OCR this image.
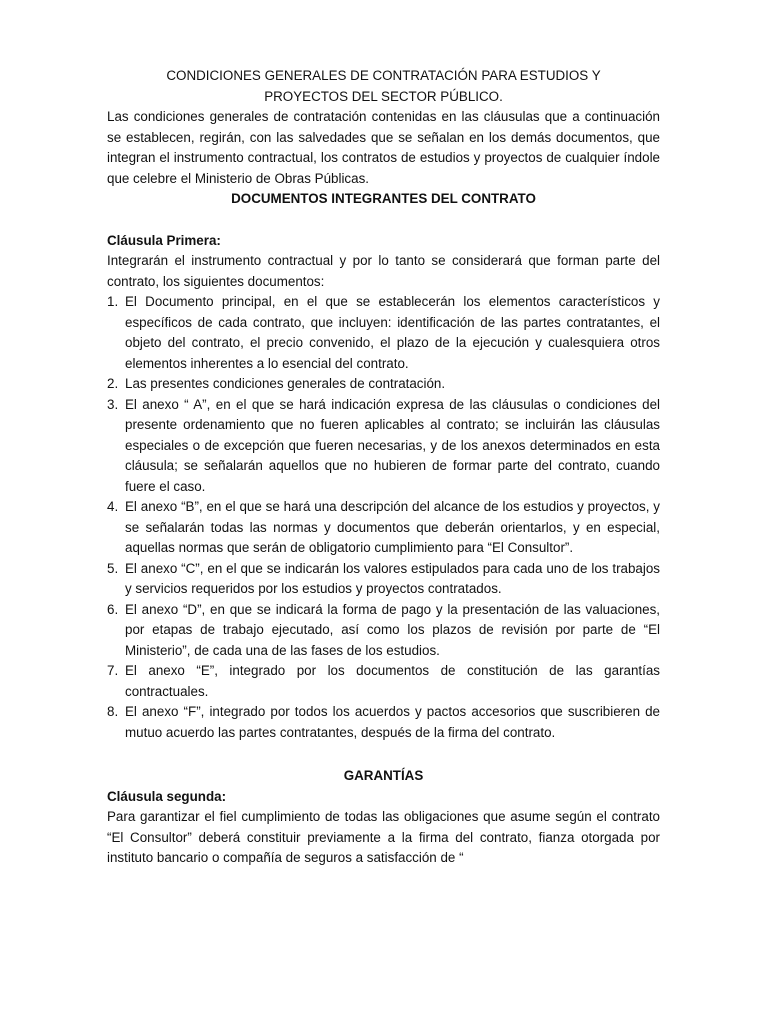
CONDICIONES GENERALES DE CONTRATACIÓN PARA ESTUDIOS Y

PROYECTOS DEL SECTOR PÚBLICO.

Las condiciones generales de contratación contenidas en las cláusulas que a continuación se establecen, regirán, con las salvedades que se señalan en los demás documentos, que integran el instrumento contractual, los contratos de estudios y proyectos de cualquier índole que celebre el Ministerio de Obras Públicas.

DOCUMENTOS INTEGRANTES DEL CONTRATO

Cláusula Primera:

Integrarán el instrumento contractual y por lo tanto se considerará que forman parte del contrato, los siguientes documentos:

1. El Documento principal, en el que se establecerán los elementos característicos y específicos de cada contrato, que incluyen: identificación de las partes contratantes, el objeto del contrato, el precio convenido, el plazo de la ejecución y cualesquiera otros elementos inherentes a lo esencial del contrato.
2. Las presentes condiciones generales de contratación.
3. El anexo “ A”, en el que se hará indicación expresa de las cláusulas o condiciones del presente ordenamiento que no fueren aplicables al contrato; se incluirán las cláusulas especiales o de excepción que fueren necesarias, y de los anexos determinados en esta cláusula; se señalarán aquellos que no hubieren de formar parte del contrato, cuando fuere el caso.
4. El anexo “B”, en el que se hará una descripción del alcance de los estudios y proyectos, y se señalarán todas las normas y documentos que deberán orientarlos, y en especial, aquellas normas que serán de obligatorio cumplimiento para “El Consultor”.
5. El anexo “C”, en el que se indicarán los valores estipulados para cada uno de los trabajos y servicios requeridos por los estudios y proyectos contratados.
6. El anexo “D”, en que se indicará la forma de pago y la presentación de las valuaciones, por etapas de trabajo ejecutado, así como los plazos de revisión por parte de “El Ministerio”, de cada una de las fases de los estudios.
7. El anexo “E”, integrado por los documentos de constitución de las garantías contractuales.
8. El anexo “F”, integrado por todos los acuerdos y pactos accesorios que suscribieren de mutuo acuerdo las partes contratantes, después de la firma del contrato.

GARANTÍAS

Cláusula segunda:

Para garantizar el fiel cumplimiento de todas las obligaciones que asume según el contrato “El Consultor” deberá constituir previamente a la firma del contrato, fianza otorgada por instituto bancario o compañía de seguros a satisfacción de “
